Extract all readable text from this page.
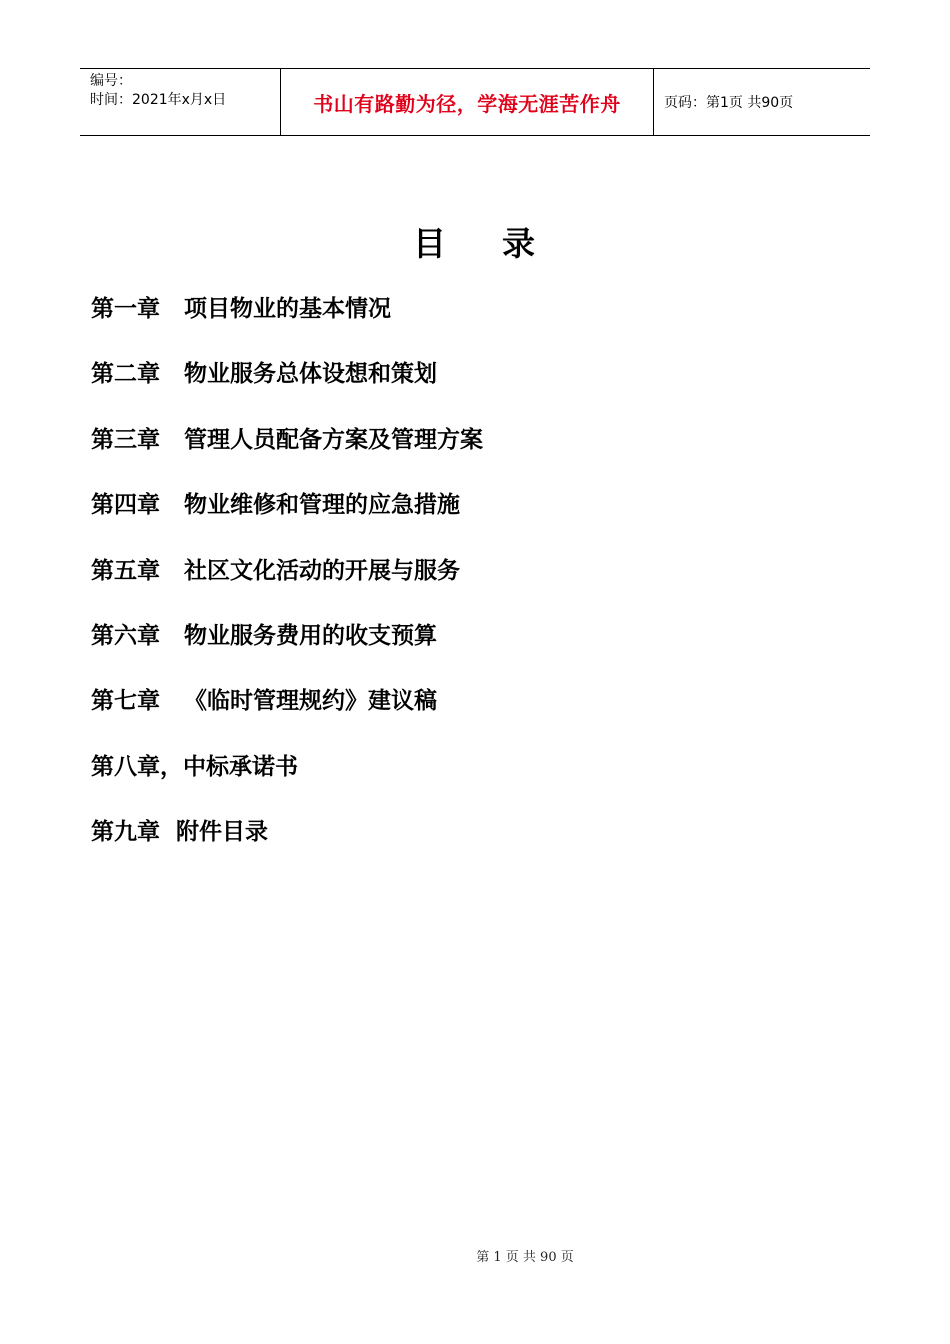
编号：
时间：2021年x月x日	书山有路勤为径，学海无涯苦作舟	页码：第1页 共90页
目    录
第一章   项目物业的基本情况
第二章   物业服务总体设想和策划
第三章   管理人员配备方案及管理方案
第四章   物业维修和管理的应急措施
第五章   社区文化活动的开展与服务
第六章   物业服务费用的收支预算
第七章   《临时管理规约》建议稿
第八章，中标承诺书
第九章  附件目录
第 1 页 共 90 页
